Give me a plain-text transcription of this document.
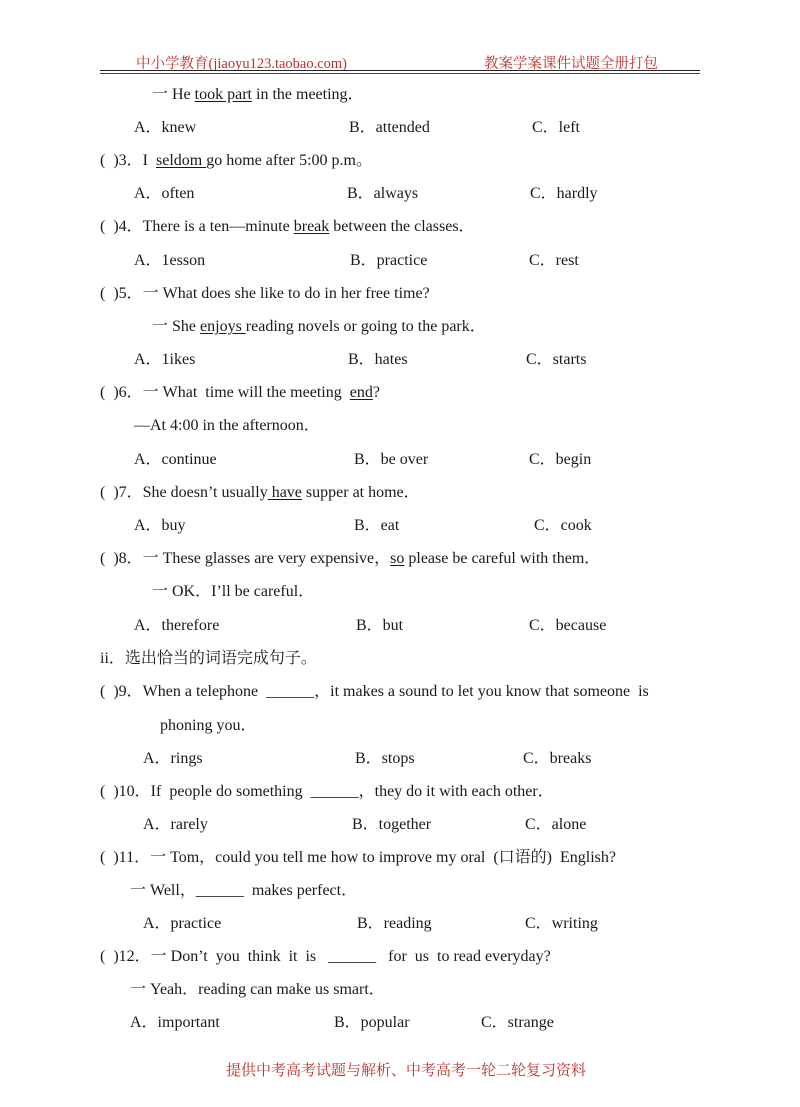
中小学教育(jiaoyu123.taobao.com)	教案学案课件试题全册打包
一 He took part in the meeting．
A．knew	B．attended	C．left
(  )3．I  seldom go home after 5:00 p.m。
A．often	B．always	C．hardly
(  )4．There is a ten—minute break between the classes．
A．1esson	B．practice	C．rest
(  )5．一 What does she like to do in her free time?
一 She enjoys reading novels or going to the park．
A．1ikes	B．hates	C．starts
(  )6．一 What  time will the meeting  end?
—At 4:00 in the afternoon．
A．continue	B．be over	C．begin
(  )7．She doesn’t usually have supper at home．
A．buy	B．eat	C．cook
(  )8．一 These glasses are very expensive，so please be careful with them．
一 OK．I’ll be careful．
A．therefore	B．but	C．because
ii．选出恰当的词语完成句子。
(  )9．When a telephone  ______，it makes a sound to let you know that someone  is
phoning you．
A．rings	B．stops	C．breaks
(  )10．If  people do something  ______，they do it with each other．
A．rarely	B．together	C．alone
(  )11．一 Tom，could you tell me how to improve my oral  (口语的)  English?
一 Well，______  makes perfect．
A．practice	B．reading	C．writing
(  )12．一 Don’t  you  think  it  is   ______   for  us  to read everyday?
一 Yeah．reading can make us smart．
A．important	B．popular	C．strange
提供中考高考试题与解析、中考高考一轮二轮复习资料
